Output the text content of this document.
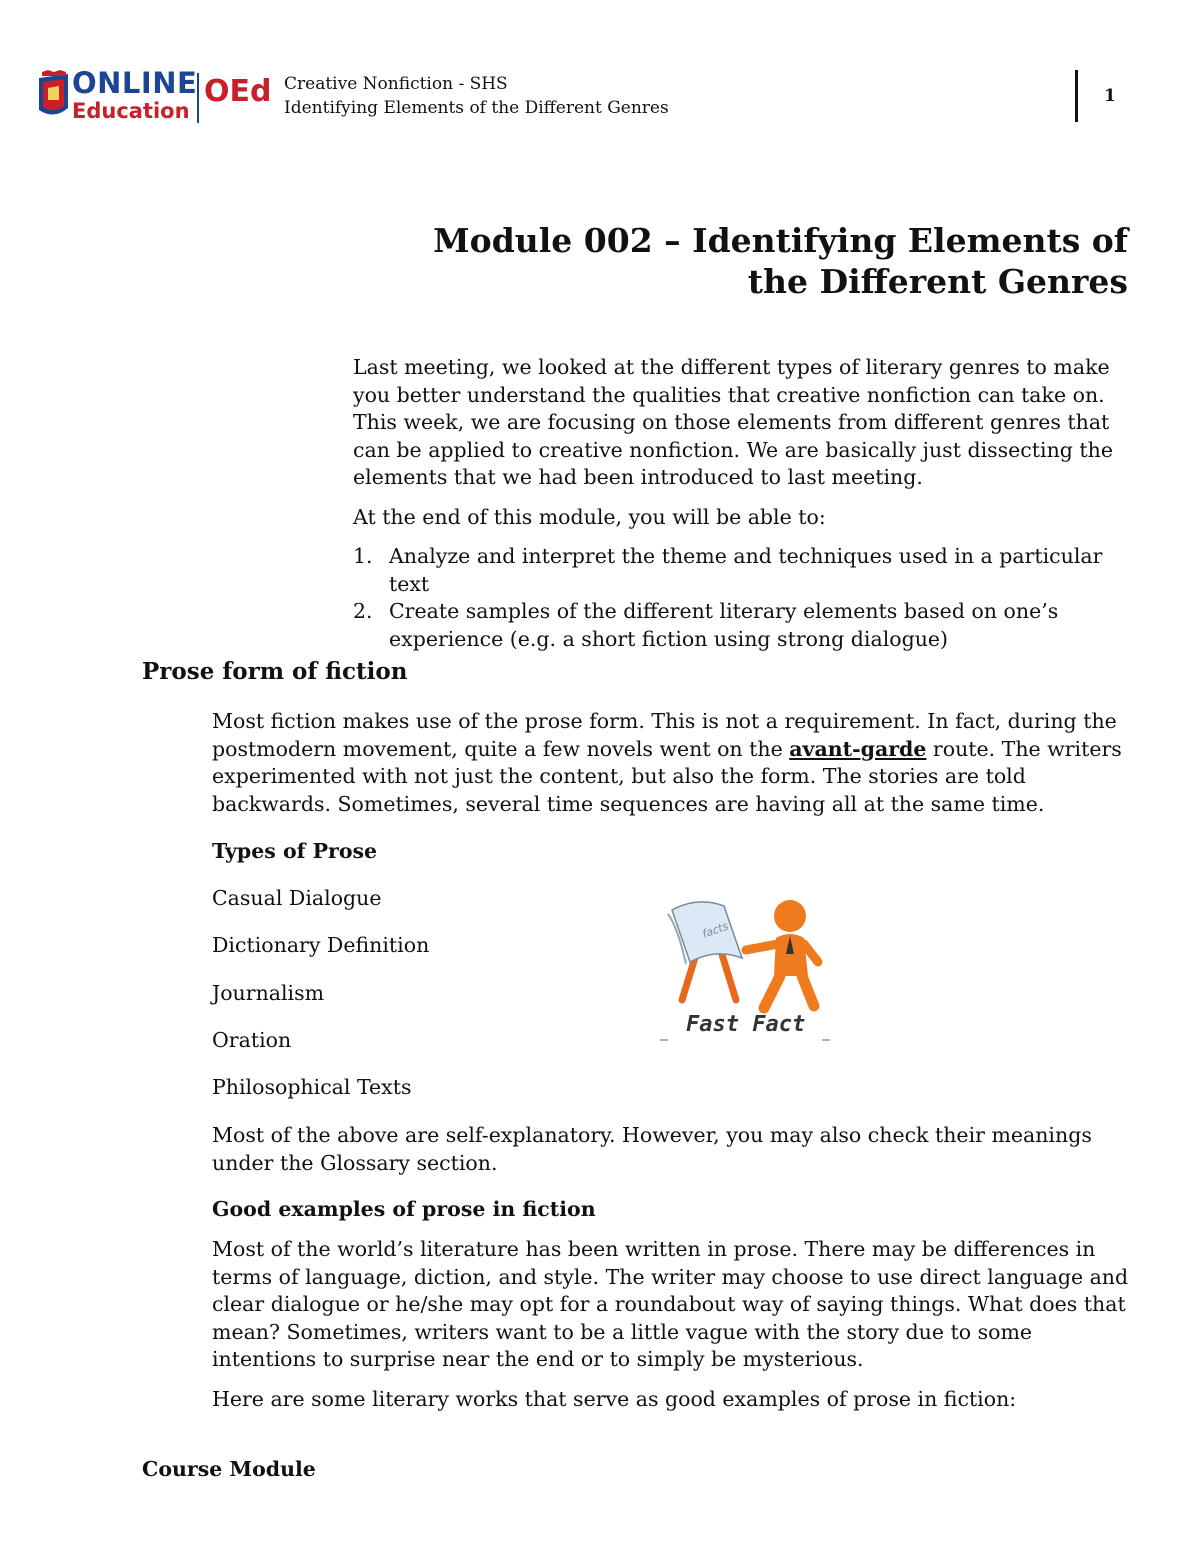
ONLINE
Education
OEd Creative Nonfiction - SHS
Identifying Elements of the Different Genres
1
Module 002 – Identifying Elements of the Different Genres
Last meeting, we looked at the different types of literary genres to make you better understand the qualities that creative nonfiction can take on. This week, we are focusing on those elements from different genres that can be applied to creative nonfiction. We are basically just dissecting the elements that we had been introduced to last meeting.
At the end of this module, you will be able to:
1. Analyze and interpret the theme and techniques used in a particular text
2. Create samples of the different literary elements based on one’s experience (e.g. a short fiction using strong dialogue)
Prose form of fiction
Most fiction makes use of the prose form. This is not a requirement. In fact, during the postmodern movement, quite a few novels went on the avant-garde route. The writers experimented with not just the content, but also the form. The stories are told backwards. Sometimes, several time sequences are having all at the same time.
Types of Prose
Casual Dialogue
Dictionary Definition
Journalism
Oration
Philosophical Texts
facts
Fast Fact
Most of the above are self-explanatory. However, you may also check their meanings under the Glossary section.
Good examples of prose in fiction
Most of the world’s literature has been written in prose. There may be differences in terms of language, diction, and style. The writer may choose to use direct language and clear dialogue or he/she may opt for a roundabout way of saying things. What does that mean? Sometimes, writers want to be a little vague with the story due to some intentions to surprise near the end or to simply be mysterious.
Here are some literary works that serve as good examples of prose in fiction:
Course Module
